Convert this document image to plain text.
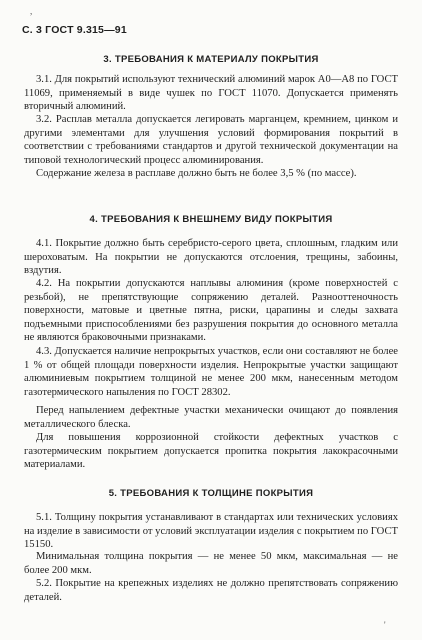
,
С. 3 ГОСТ 9.315—91
3. ТРЕБОВАНИЯ К МАТЕРИАЛУ ПОКРЫТИЯ

3.1. Для покрытий используют технический алюминий марок А0—А8 по ГОСТ 11069, применяемый в виде чушек по ГОСТ 11070. Допускается применять вторичный алюминий.

3.2. Расплав металла допускается легировать марганцем, кремнием, цинком и другими элементами для улучшения условий формирования покрытий в соответствии с требованиями стандартов и другой технической документации на типовой технологический процесс алюминирования.

Содержание железа в расплаве должно быть не более 3,5 % (по массе).

4. ТРЕБОВАНИЯ К ВНЕШНЕМУ ВИДУ ПОКРЫТИЯ

4.1. Покрытие должно быть серебристо-серого цвета, сплошным, гладким или шероховатым. На покрытии не допускаются отслоения, трещины, забоины, вздутия.

4.2. На покрытии допускаются наплывы алюминия (кроме поверхностей с резьбой), не препятствующие сопряжению деталей. Разнооттеночность поверхности, матовые и цветные пятна, риски, царапины и следы захвата подъемными приспособлениями без разрушения покрытия до основного металла не являются браковочными признаками.

4.3. Допускается наличие непрокрытых участков, если они составляют не более 1 % от общей площади поверхности изделия. Непрокрытые участки защищают алюминиевым покрытием толщиной не менее 200 мкм, нанесенным методом газотермического напыления по ГОСТ 28302.

Перед напылением дефектные участки механически очищают до появления металлического блеска.

Для повышения коррозионной стойкости дефектных участков с газотермическим покрытием допускается пропитка покрытия лакокрасочными материалами.

5. ТРЕБОВАНИЯ К ТОЛЩИНЕ ПОКРЫТИЯ

5.1. Толщину покрытия устанавливают в стандартах или технических условиях на изделие в зависимости от условий эксплуатации изделия с покрытием по ГОСТ 15150.

Минимальная толщина покрытия — не менее 50 мкм, максимальная — не более 200 мкм.

5.2. Покрытие на крепежных изделиях не должно препятствовать сопряжению деталей.

'
